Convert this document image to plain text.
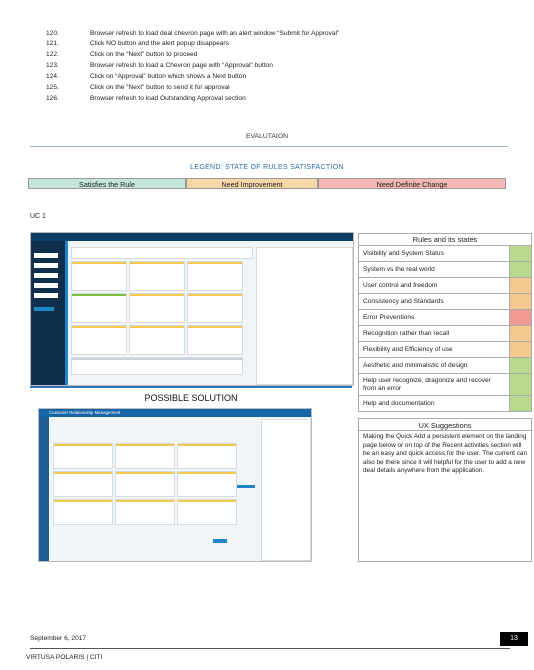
120.	Browser refresh to load deal chevron page with an alert window “Submit for Approval”
121.	Click NO button and the alert popup disappears
122.	Click on the “Next” button to proceed
123.	Browser refresh to load a Chevron page with “Approval” button
124.	Click on “Approval” button which shows a Next button
125.	Click on the “Next” button to send it for approval
126.	Browser refresh to load Outstanding Approval section
EVALUTAION
LEGEND: STATE OF RULES SATISFACTION
Satisfies the Rule	Need Improvement	Need Definite Change
UC 1
Rules and its states	
Visibility and System Status	
System vs the real world	
User control and freedom	
Consistency and Standards	
Error Preventions	
Recognition rather than recall	
Flexibility and Efficiency of use	
Aesthetic and minimalistic of design	
Help user recognize, dragonize and recover from an error	
Help and documentation	
POSSIBLE SOLUTION
Customer Relationship Management
UX Suggestions
Making the Quick Add a persistent element on the landing page below or on top of the Recent activities section will be an easy and quick access for the user. The current can also be there since it will helpful for the user to add a new deal details anywhere from the application.
September 6, 2017
VIRTUSA POLARIS | CITI
13
